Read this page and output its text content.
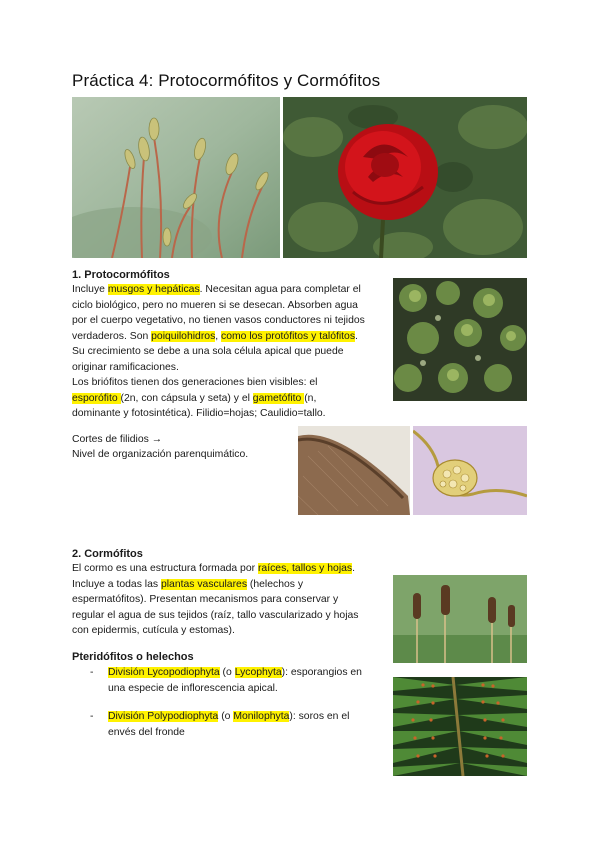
Práctica 4: Protocormófitos y Cormófitos

1. Protocormófitos

Incluye musgos y hepáticas. Necesitan agua para completar el
ciclo biológico, pero no mueren si se desecan. Absorben agua
por el cuerpo vegetativo, no tienen vasos conductores ni tejidos
verdaderos. Son poiquilohidros, como los protófitos y talófitos.
Su crecimiento se debe a una sola célula apical que puede
originar ramificaciones.
Los briófitos tienen dos generaciones bien visibles: el
esporófito (2n, con cápsula y seta) y el gametófito (n,
dominante y fotosintética). Filidio=hojas; Caulidio=tallo.

Cortes de filidios →

Nivel de organización parenquimático.

2. Cormófitos

El cormo es una estructura formada por raíces, tallos y hojas.
Incluye a todas las plantas vasculares (helechos y
espermatófitos). Presentan mecanismos para conservar y
regular el agua de sus tejidos (raíz, tallo vascularizado y hojas
con epidermis, cutícula y estomas).

Pteridófitos o helechos

- División Lycopodiophyta (o Lycophyta): esporangios en
una especie de inflorescencia apical.
- División Polypodiophyta (o Monilophyta): soros en el
envés del fronde
